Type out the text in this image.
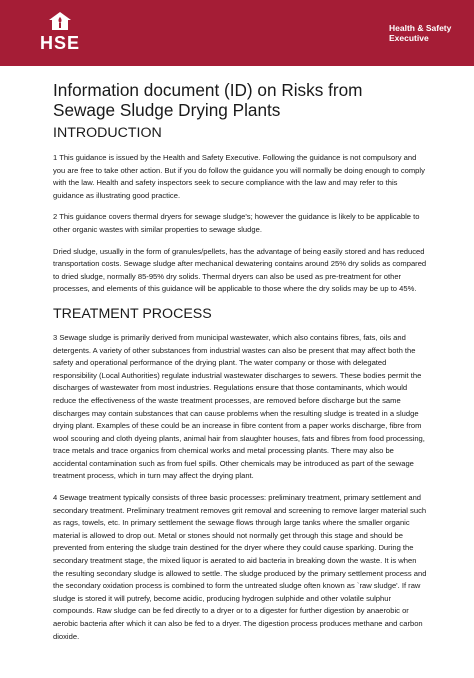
HSE
Health & Safety
Executive
Information document (ID) on Risks from Sewage Sludge Drying Plants
INTRODUCTION

1 This guidance is issued by the Health and Safety Executive. Following the guidance is not compulsory and you are free to take other action. But if you do follow the guidance you will normally be doing enough to comply with the law. Health and safety inspectors seek to secure compliance with the law and may refer to this guidance as illustrating good practice.

2 This guidance covers thermal dryers for sewage sludge's; however the guidance is likely to be applicable to other organic wastes with similar properties to sewage sludge.

Dried sludge, usually in the form of granules/pellets, has the advantage of being easily stored and has reduced transportation costs. Sewage sludge after mechanical dewatering contains around 25% dry solids as compared to dried sludge, normally 85-95% dry solids. Thermal dryers can also be used as pre-treatment for other processes, and elements of this guidance will be applicable to those where the dry solids may be up to 45%.

TREATMENT PROCESS

3 Sewage sludge is primarily derived from municipal wastewater, which also contains fibres, fats, oils and detergents. A variety of other substances from industrial wastes can also be present that may affect both the safety and operational performance of the drying plant. The water company or those with delegated responsibility (Local Authorities) regulate industrial wastewater discharges to sewers. These bodies permit the discharges of wastewater from most industries. Regulations ensure that those contaminants, which would reduce the effectiveness of the waste treatment processes, are removed before discharge but the same discharges may contain substances that can cause problems when the resulting sludge is treated in a sludge drying plant. Examples of these could be an increase in fibre content from a paper works discharge, fibre from wool scouring and cloth dyeing plants, animal hair from slaughter houses, fats and fibres from food processing, trace metals and trace organics from chemical works and metal processing plants. There may also be accidental contamination such as from fuel spills. Other chemicals may be introduced as part of the sewage treatment process, which in turn may affect the drying plant.

4 Sewage treatment typically consists of three basic processes: preliminary treatment, primary settlement and secondary treatment. Preliminary treatment removes grit removal and screening to remove larger material such as rags, towels, etc. In primary settlement the sewage flows through large tanks where the smaller organic material is allowed to drop out. Metal or stones should not normally get through this stage and should be prevented from entering the sludge train destined for the dryer where they could cause sparking. During the secondary treatment stage, the mixed liquor is aerated to aid bacteria in breaking down the waste. It is when the resulting secondary sludge is allowed to settle. The sludge produced by the primary settlement process and the secondary oxidation process is combined to form the untreated sludge often known as `raw sludge'. If raw sludge is stored it will putrefy, become acidic, producing hydrogen sulphide and other volatile sulphur compounds. Raw sludge can be fed directly to a dryer or to a digester for further digestion by anaerobic or aerobic bacteria after which it can also be fed to a dryer. The digestion process produces methane and carbon dioxide.
